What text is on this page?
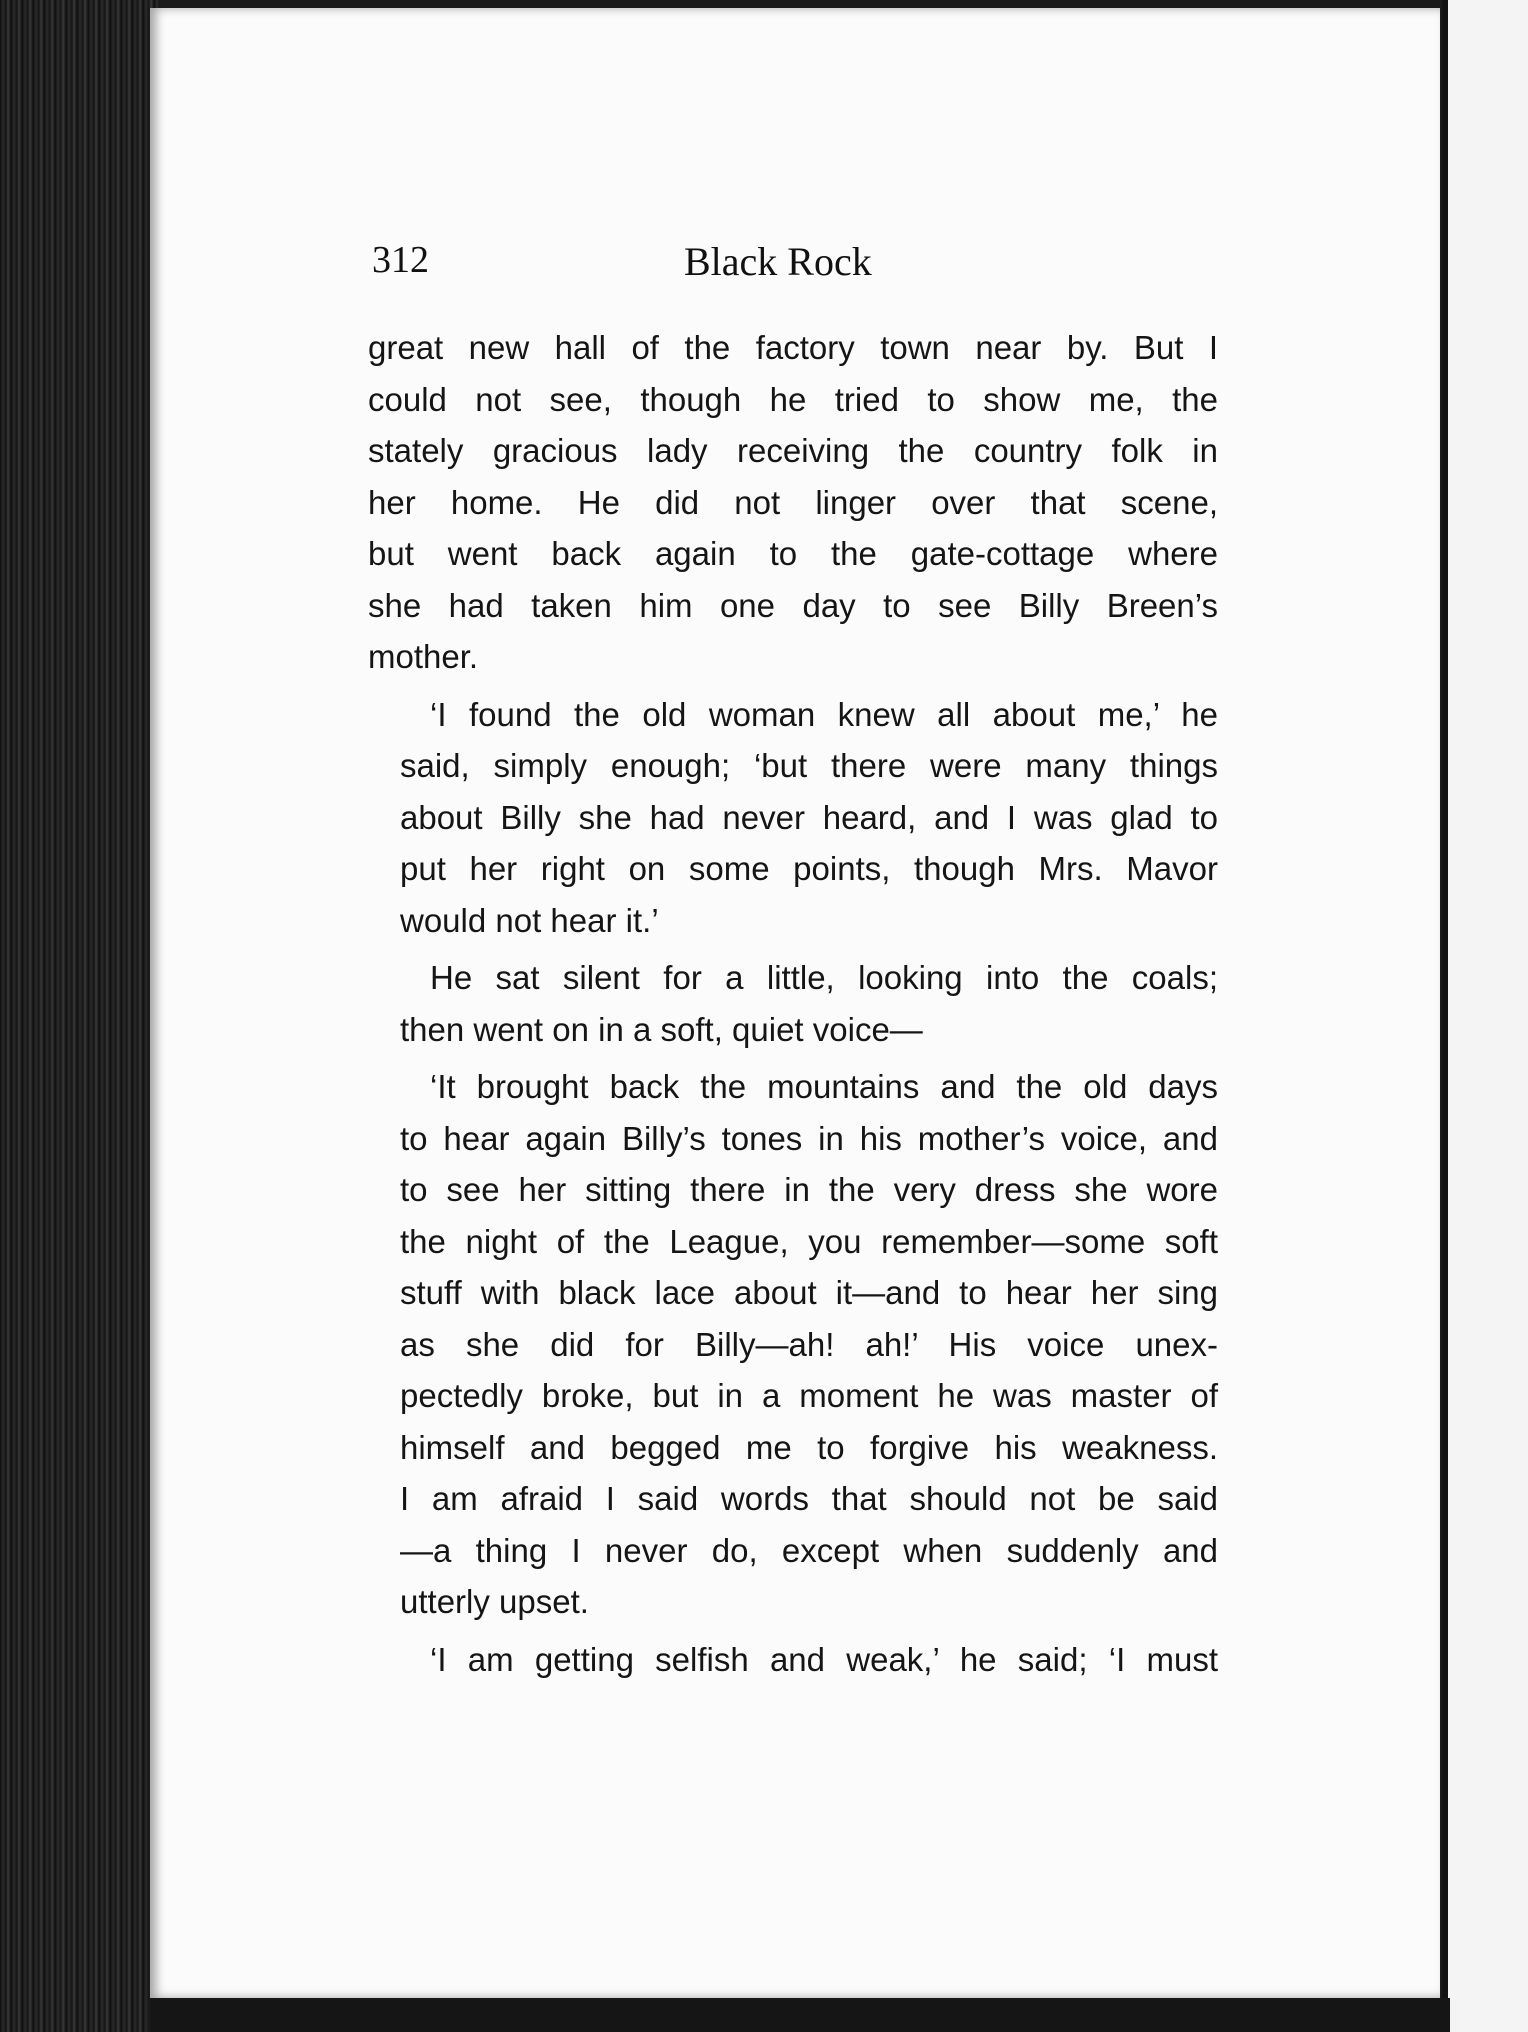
312	Black Rock
great new hall of the factory town near by. But I
could not see, though he tried to show me, the
stately gracious lady receiving the country folk in
her home. He did not linger over that scene,
but went back again to the gate-cottage where
she had taken him one day to see Billy Breen’s
mother.
‘I found the old woman knew all about me,’ he
said, simply enough; ‘but there were many things
about Billy she had never heard, and I was glad to
put her right on some points, though Mrs. Mavor
would not hear it.’
He sat silent for a little, looking into the coals;
then went on in a soft, quiet voice—
‘It brought back the mountains and the old days
to hear again Billy’s tones in his mother’s voice, and
to see her sitting there in the very dress she wore
the night of the League, you remember—some soft
stuff with black lace about it—and to hear her sing
as she did for Billy—ah! ah!’ His voice unex-
pectedly broke, but in a moment he was master of
himself and begged me to forgive his weakness.
I am afraid I said words that should not be said
—a thing I never do, except when suddenly and
utterly upset.
‘I am getting selfish and weak,’ he said; ‘I must
